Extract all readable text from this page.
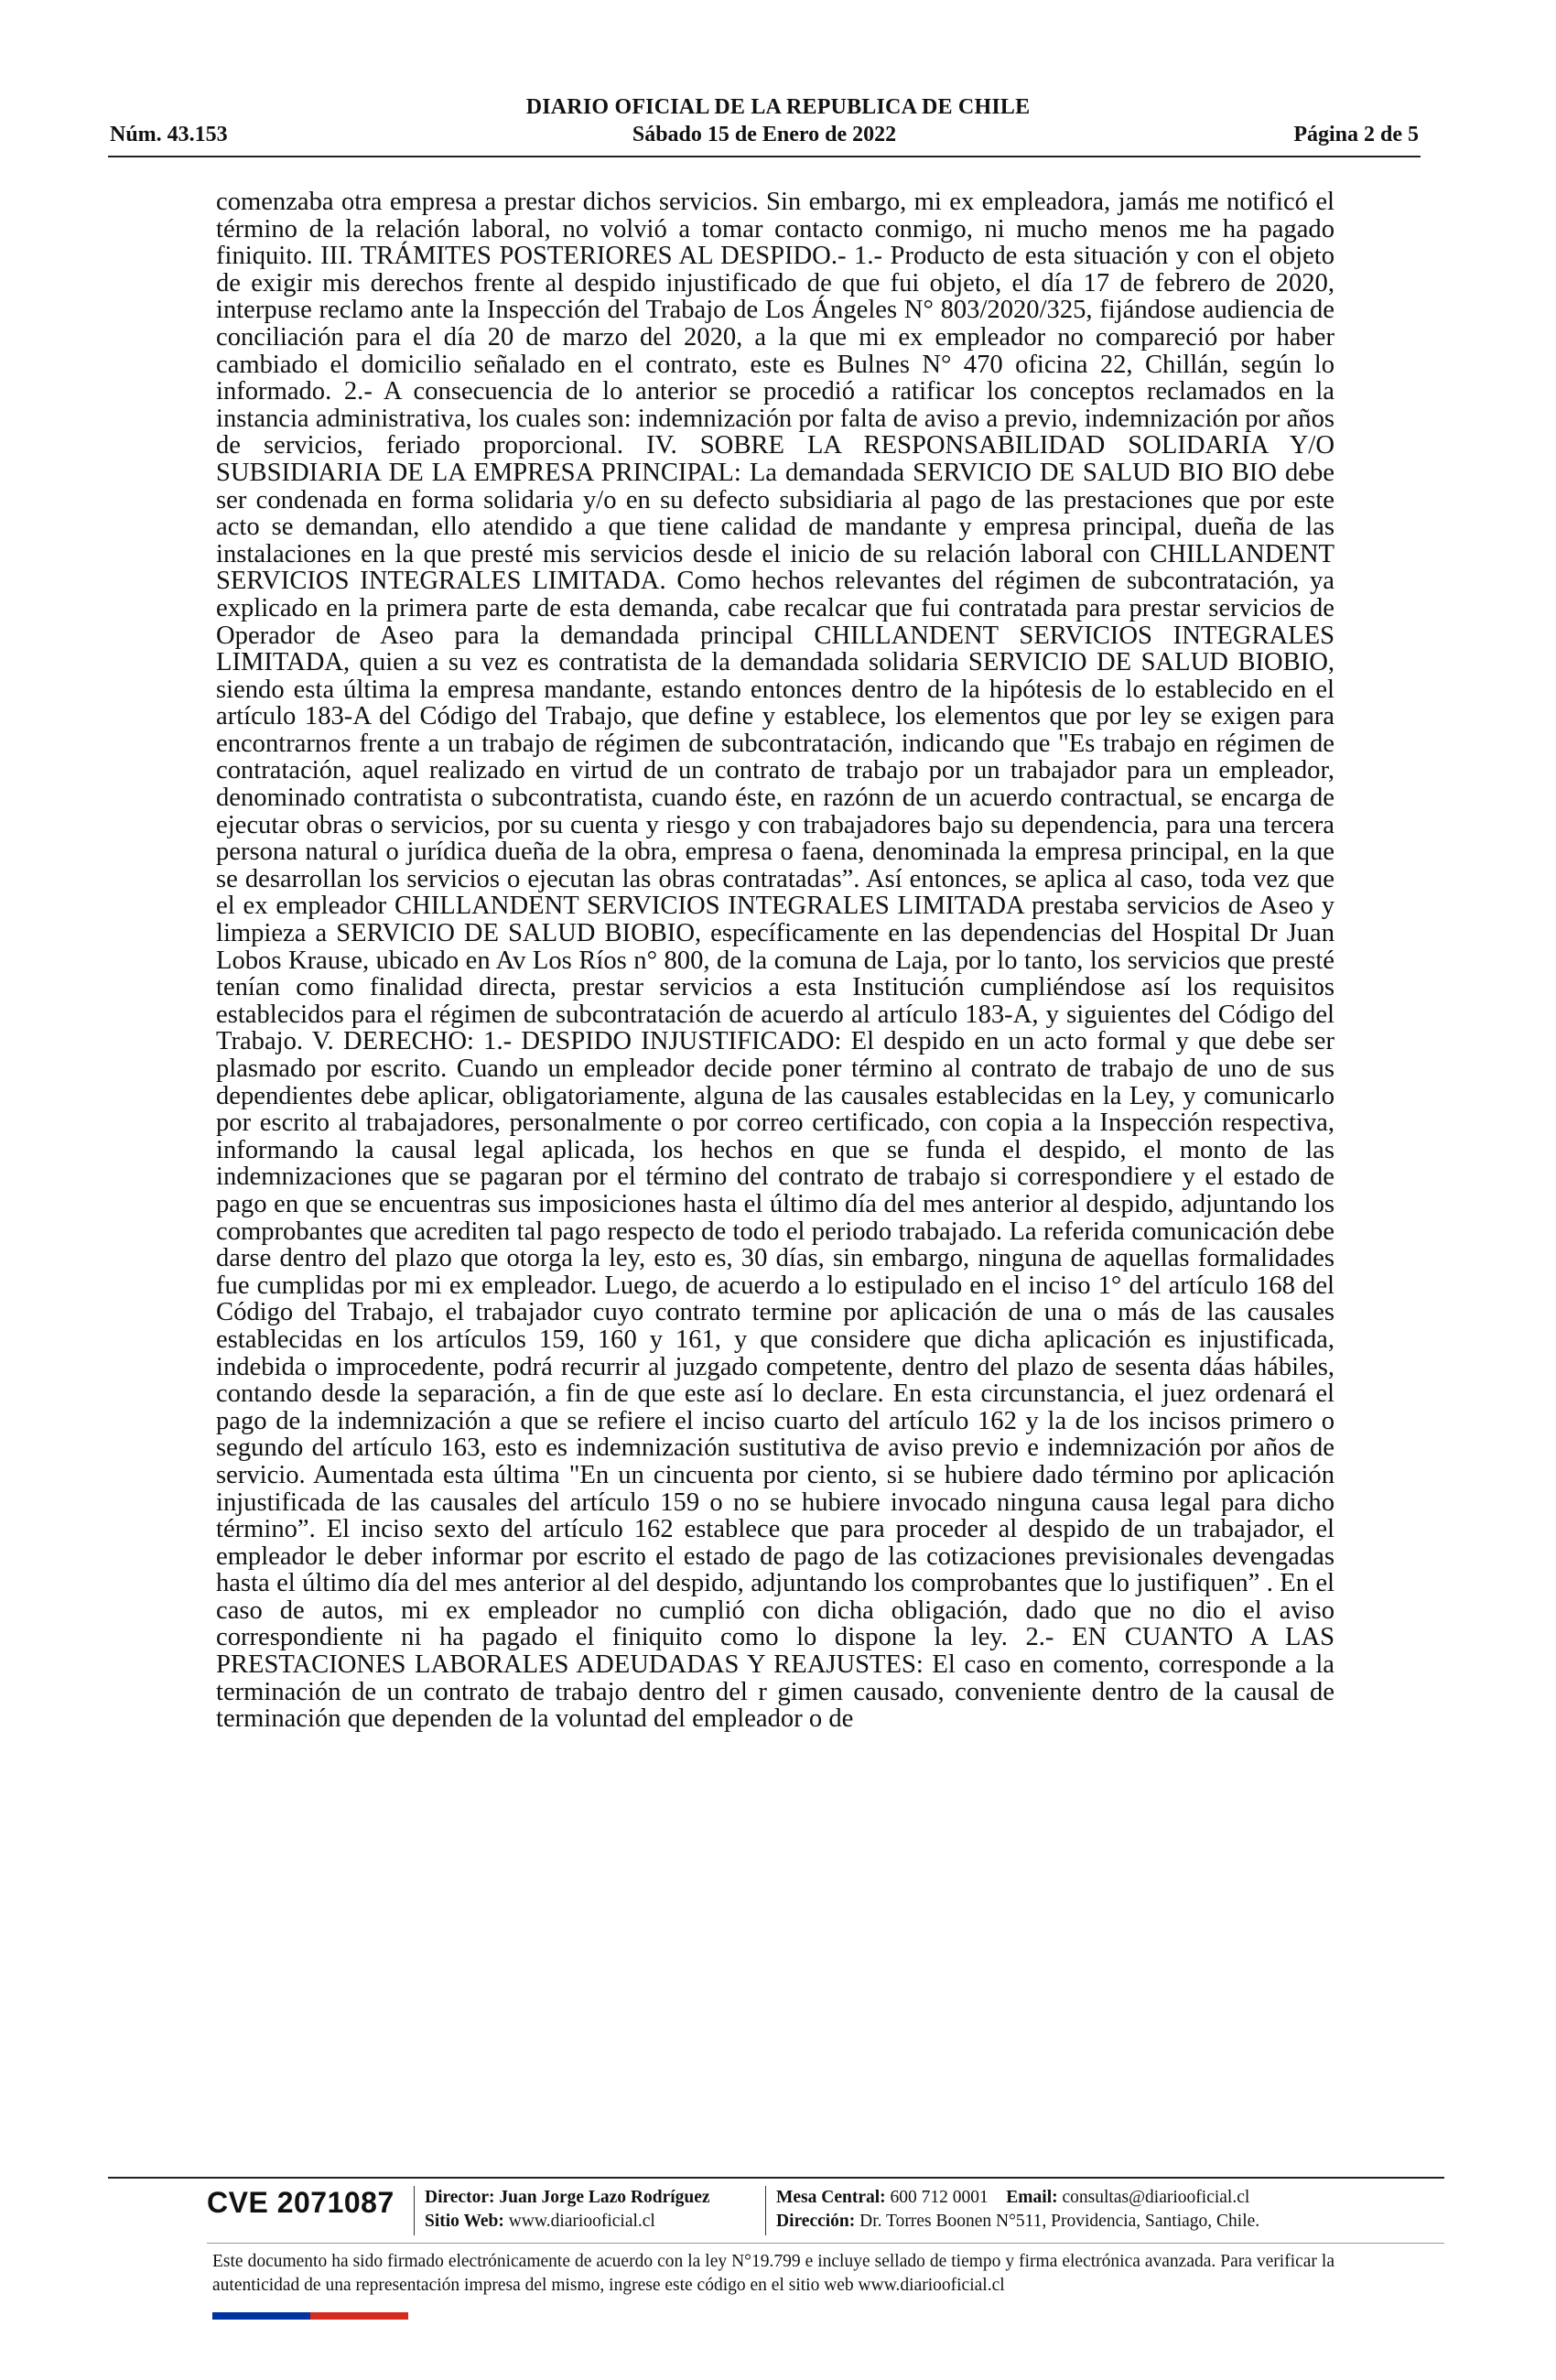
DIARIO OFICIAL DE LA REPUBLICA DE CHILE
Núm. 43.153	Sábado 15 de Enero de 2022	Página 2 de 5

comenzaba otra empresa a prestar dichos servicios. Sin embargo, mi ex empleadora, jamás me notificó el término de la relación laboral, no volvió a tomar contacto conmigo, ni mucho menos me ha pagado finiquito. III. TRÁMITES POSTERIORES AL DESPIDO.- 1.- Producto de esta situación y con el objeto de exigir mis derechos frente al despido injustificado de que fui objeto, el día 17 de febrero de 2020, interpuse reclamo ante la Inspección del Trabajo de Los Ángeles N° 803/2020/325, fijándose audiencia de conciliación para el día 20 de marzo del 2020, a la que mi ex empleador no compareció por haber cambiado el domicilio señalado en el contrato, este es Bulnes N° 470 oficina 22, Chillán, según lo informado. 2.- A consecuencia de lo anterior se procedió a ratificar los conceptos reclamados en la instancia administrativa, los cuales son: indemnización por falta de aviso a previo, indemnización por años de servicios, feriado proporcional. IV. SOBRE LA RESPONSABILIDAD SOLIDARIA Y/O SUBSIDIARIA DE LA EMPRESA PRINCIPAL: La demandada SERVICIO DE SALUD BIO BIO debe ser condenada en forma solidaria y/o en su defecto subsidiaria al pago de las prestaciones que por este acto se demandan, ello atendido a que tiene calidad de mandante y empresa principal, dueña de las instalaciones en la que presté mis servicios desde el inicio de su relación laboral con CHILLANDENT SERVICIOS INTEGRALES LIMITADA. Como hechos relevantes del régimen de subcontratación, ya explicado en la primera parte de esta demanda, cabe recalcar que fui contratada para prestar servicios de Operador de Aseo para la demandada principal CHILLANDENT SERVICIOS INTEGRALES LIMITADA, quien a su vez es contratista de la demandada solidaria SERVICIO DE SALUD BIOBIO, siendo esta última la empresa mandante, estando entonces dentro de la hipótesis de lo establecido en el artículo 183-A del Código del Trabajo, que define y establece, los elementos que por ley se exigen para encontrarnos frente a un trabajo de régimen de subcontratación, indicando que "Es trabajo en régimen de contratación, aquel realizado en virtud de un contrato de trabajo por un trabajador para un empleador, denominado contratista o subcontratista, cuando éste, en razónn de un acuerdo contractual, se encarga de ejecutar obras o servicios, por su cuenta y riesgo y con trabajadores bajo su dependencia, para una tercera persona natural o jurídica dueña de la obra, empresa o faena, denominada la empresa principal, en la que se desarrollan los servicios o ejecutan las obras contratadas”. Así entonces, se aplica al caso, toda vez que el ex empleador CHILLANDENT SERVICIOS INTEGRALES LIMITADA prestaba servicios de Aseo y limpieza a SERVICIO DE SALUD BIOBIO, específicamente en las dependencias del Hospital Dr Juan Lobos Krause, ubicado en Av Los Ríos n° 800, de la comuna de Laja, por lo tanto, los servicios que presté tenían como finalidad directa, prestar servicios a esta Institución cumpliéndose así los requisitos establecidos para el régimen de subcontratación de acuerdo al artículo 183-A, y siguientes del Código del Trabajo. V. DERECHO: 1.- DESPIDO INJUSTIFICADO: El despido en un acto formal y que debe ser plasmado por escrito. Cuando un empleador decide poner término al contrato de trabajo de uno de sus dependientes debe aplicar, obligatoriamente, alguna de las causales establecidas en la Ley, y comunicarlo por escrito al trabajadores, personalmente o por correo certificado, con copia a la Inspección respectiva, informando la causal legal aplicada, los hechos en que se funda el despido, el monto de las indemnizaciones que se pagaran por el término del contrato de trabajo si correspondiere y el estado de pago en que se encuentras sus imposiciones hasta el último día del mes anterior al despido, adjuntando los comprobantes que acrediten tal pago respecto de todo el periodo trabajado. La referida comunicación debe darse dentro del plazo que otorga la ley, esto es, 30 días, sin embargo, ninguna de aquellas formalidades fue cumplidas por mi ex empleador. Luego, de acuerdo a lo estipulado en el inciso 1° del artículo 168 del Código del Trabajo, el trabajador cuyo contrato termine por aplicación de una o más de las causales establecidas en los artículos 159, 160 y 161, y que considere que dicha aplicación es injustificada, indebida o improcedente, podrá recurrir al juzgado competente, dentro del plazo de sesenta dáas hábiles, contando desde la separación, a fin de que este así lo declare. En esta circunstancia, el juez ordenará el pago de la indemnización a que se refiere el inciso cuarto del artículo 162 y la de los incisos primero o segundo del artículo 163, esto es indemnización sustitutiva de aviso previo e indemnización por años de servicio. Aumentada esta última "En un cincuenta por ciento, si se hubiere dado término por aplicación injustificada de las causales del artículo 159 o no se hubiere invocado ninguna causa legal para dicho término”. El inciso sexto del artículo 162 establece que para proceder al despido de un trabajador, el empleador le deber informar por escrito el estado de pago de las cotizaciones previsionales devengadas hasta el último día del mes anterior al del despido, adjuntando los comprobantes que lo justifiquen” . En el caso de autos, mi ex empleador no cumplió con dicha obligación, dado que no dio el aviso correspondiente ni ha pagado el finiquito como lo dispone la ley. 2.- EN CUANTO A LAS PRESTACIONES LABORALES ADEUDADAS Y REAJUSTES: El caso en comento, corresponde a la terminación de un contrato de trabajo dentro del r gimen causado, conveniente dentro de la causal de terminación que dependen de la voluntad del empleador o de

CVE 2071087 Director: Juan Jorge Lazo Rodríguez
Sitio Web: www.diariooficial.cl
Mesa Central: 600 712 0001 Email: consultas@diariooficial.cl
Dirección: Dr. Torres Boonen N°511, Providencia, Santiago, Chile.
Este documento ha sido firmado electrónicamente de acuerdo con la ley N°19.799 e incluye sellado de tiempo y firma electrónica avanzada. Para verificar la autenticidad de una representación impresa del mismo, ingrese este código en el sitio web www.diariooficial.cl
